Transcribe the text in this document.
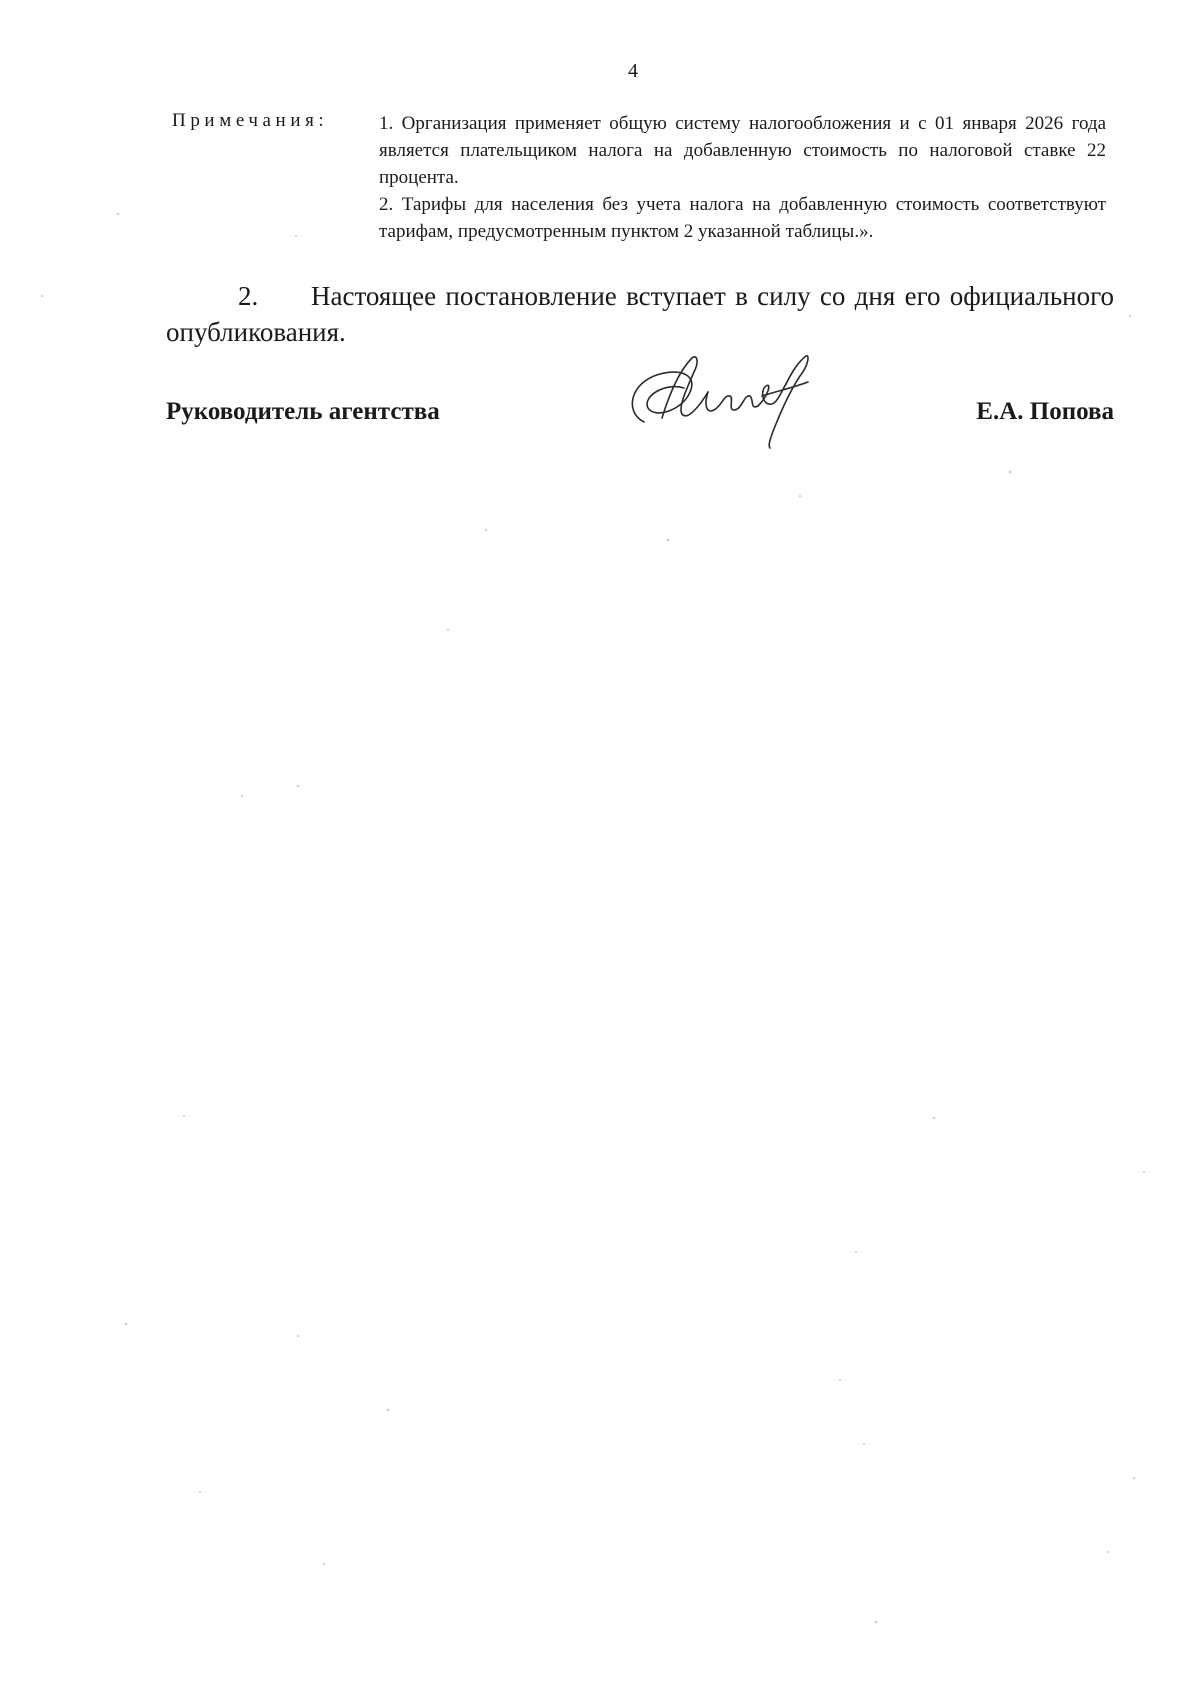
4
Примечания:	1. Организация применяет общую систему налогообложения и с 01 января 2026 года является плательщиком налога на добавленную стоимость по налоговой ставке 22 процента.

2. Тарифы для населения без учета налога на добавленную стоимость соответствуют тарифам, предусмотренным пунктом 2 указанной таблицы.».

2. Настоящее постановление вступает в силу со дня его официального опубликования.
Руководитель агентства	Е.А. Попова
